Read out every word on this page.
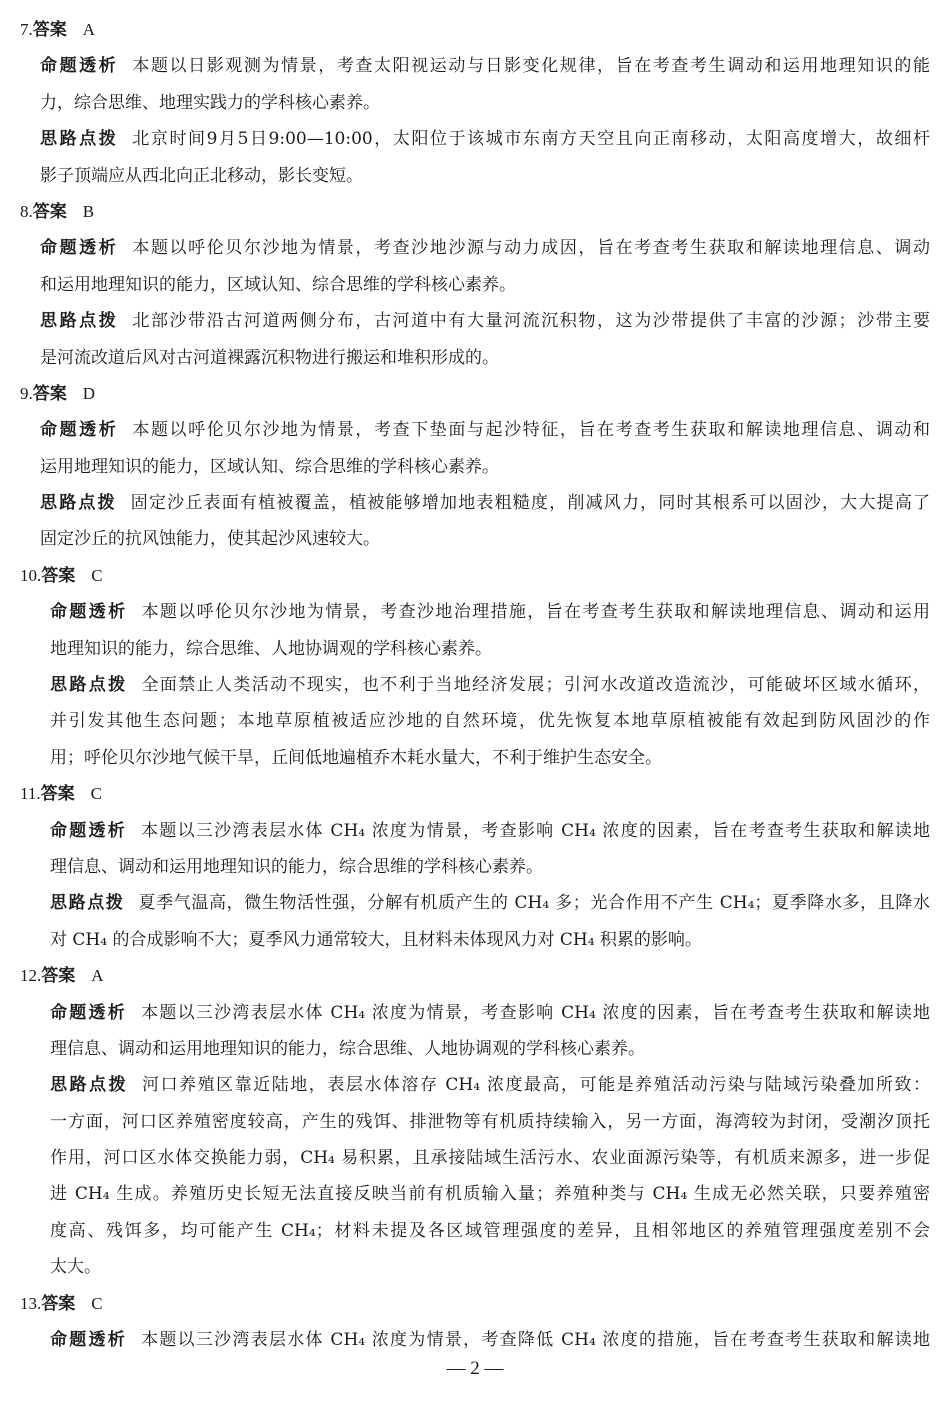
7.答案 A
命题透析 本题以日影观测为情景，考查太阳视运动与日影变化规律，旨在考查考生调动和运用地理知识的能
力，综合思维、地理实践力的学科核心素养。
思路点拨 北京时间9月5日9:00—10:00，太阳位于该城市东南方天空且向正南移动，太阳高度增大，故细杆
影子顶端应从西北向正北移动，影长变短。
8.答案 B
命题透析 本题以呼伦贝尔沙地为情景，考查沙地沙源与动力成因，旨在考查考生获取和解读地理信息、调动
和运用地理知识的能力，区域认知、综合思维的学科核心素养。
思路点拨 北部沙带沿古河道两侧分布，古河道中有大量河流沉积物，这为沙带提供了丰富的沙源；沙带主要
是河流改道后风对古河道裸露沉积物进行搬运和堆积形成的。
9.答案 D
命题透析 本题以呼伦贝尔沙地为情景，考查下垫面与起沙特征，旨在考查考生获取和解读地理信息、调动和
运用地理知识的能力，区域认知、综合思维的学科核心素养。
思路点拨 固定沙丘表面有植被覆盖，植被能够增加地表粗糙度，削减风力，同时其根系可以固沙，大大提高了
固定沙丘的抗风蚀能力，使其起沙风速较大。
10.答案 C
命题透析 本题以呼伦贝尔沙地为情景，考查沙地治理措施，旨在考查考生获取和解读地理信息、调动和运用
地理知识的能力，综合思维、人地协调观的学科核心素养。
思路点拨 全面禁止人类活动不现实，也不利于当地经济发展；引河水改道改造流沙，可能破坏区域水循环，
并引发其他生态问题；本地草原植被适应沙地的自然环境，优先恢复本地草原植被能有效起到防风固沙的作
用；呼伦贝尔沙地气候干旱，丘间低地遍植乔木耗水量大，不利于维护生态安全。
11.答案 C
命题透析 本题以三沙湾表层水体 CH₄ 浓度为情景，考查影响 CH₄ 浓度的因素，旨在考查考生获取和解读地
理信息、调动和运用地理知识的能力，综合思维的学科核心素养。
思路点拨 夏季气温高，微生物活性强，分解有机质产生的 CH₄ 多；光合作用不产生 CH₄；夏季降水多，且降水
对 CH₄ 的合成影响不大；夏季风力通常较大，且材料未体现风力对 CH₄ 积累的影响。
12.答案 A
命题透析 本题以三沙湾表层水体 CH₄ 浓度为情景，考查影响 CH₄ 浓度的因素，旨在考查考生获取和解读地
理信息、调动和运用地理知识的能力，综合思维、人地协调观的学科核心素养。
思路点拨 河口养殖区靠近陆地，表层水体溶存 CH₄ 浓度最高，可能是养殖活动污染与陆域污染叠加所致：
一方面，河口区养殖密度较高，产生的残饵、排泄物等有机质持续输入，另一方面，海湾较为封闭，受潮汐顶托
作用，河口区水体交换能力弱，CH₄ 易积累，且承接陆域生活污水、农业面源污染等，有机质来源多，进一步促
进 CH₄ 生成。养殖历史长短无法直接反映当前有机质输入量；养殖种类与 CH₄ 生成无必然关联，只要养殖密
度高、残饵多，均可能产生 CH₄；材料未提及各区域管理强度的差异，且相邻地区的养殖管理强度差别不会
太大。
13.答案 C
命题透析 本题以三沙湾表层水体 CH₄ 浓度为情景，考查降低 CH₄ 浓度的措施，旨在考查考生获取和解读地
— 2 —
